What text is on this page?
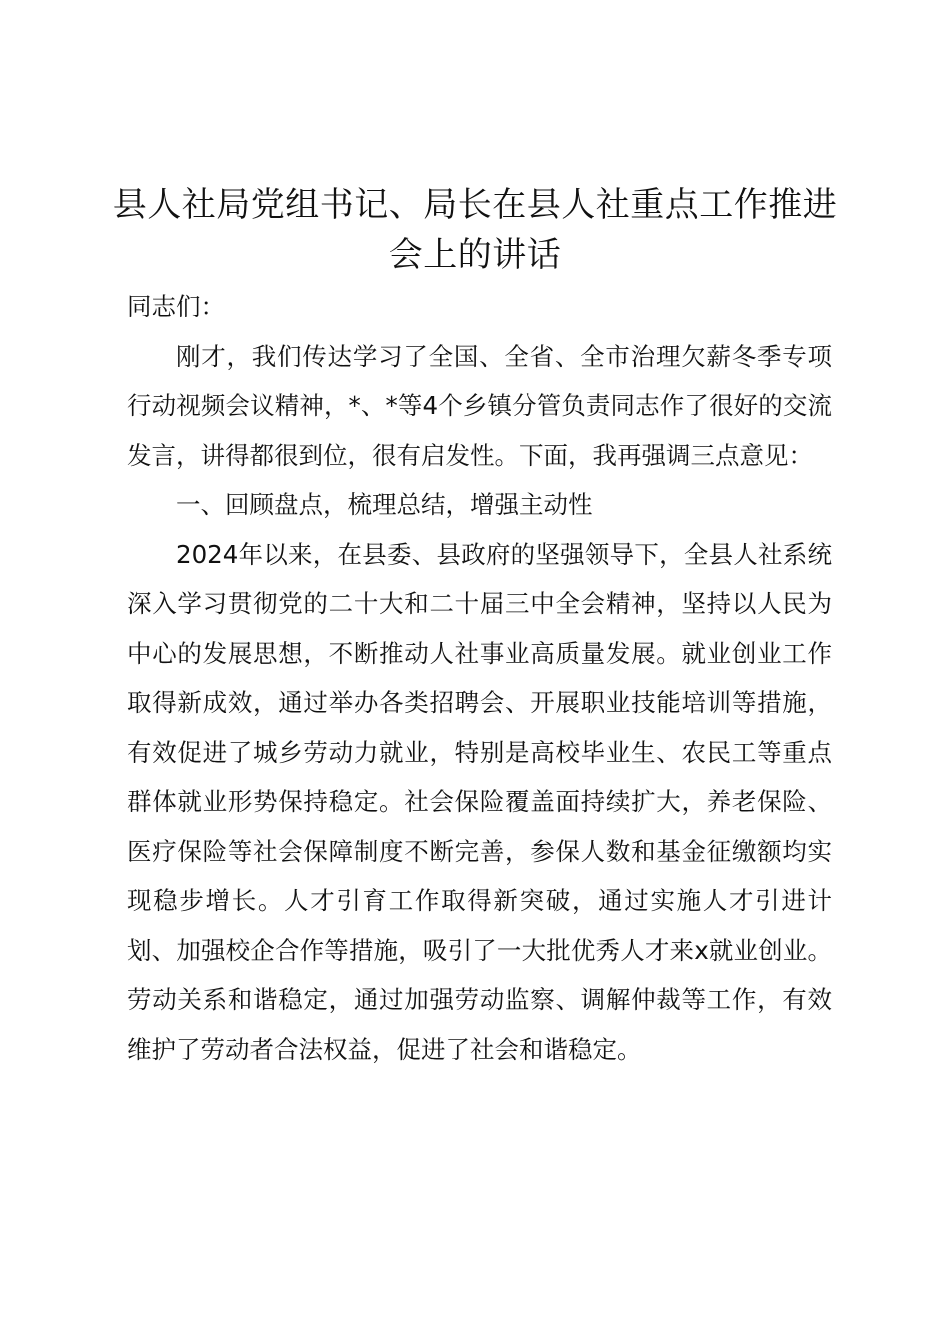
县人社局党组书记、局长在县人社重点工作推进会上的讲话

同志们：

刚才，我们传达学习了全国、全省、全市治理欠薪冬季专项行动视频会议精神，*、*等4个乡镇分管负责同志作了很好的交流发言，讲得都很到位，很有启发性。下面，我再强调三点意见：

一、回顾盘点，梳理总结，增强主动性

2024年以来，在县委、县政府的坚强领导下，全县人社系统深入学习贯彻党的二十大和二十届三中全会精神，坚持以人民为中心的发展思想，不断推动人社事业高质量发展。就业创业工作取得新成效，通过举办各类招聘会、开展职业技能培训等措施，有效促进了城乡劳动力就业，特别是高校毕业生、农民工等重点群体就业形势保持稳定。社会保险覆盖面持续扩大，养老保险、医疗保险等社会保障制度不断完善，参保人数和基金征缴额均实现稳步增长。人才引育工作取得新突破，通过实施人才引进计划、加强校企合作等措施，吸引了一大批优秀人才来x就业创业。劳动关系和谐稳定，通过加强劳动监察、调解仲裁等工作，有效维护了劳动者合法权益，促进了社会和谐稳定。
